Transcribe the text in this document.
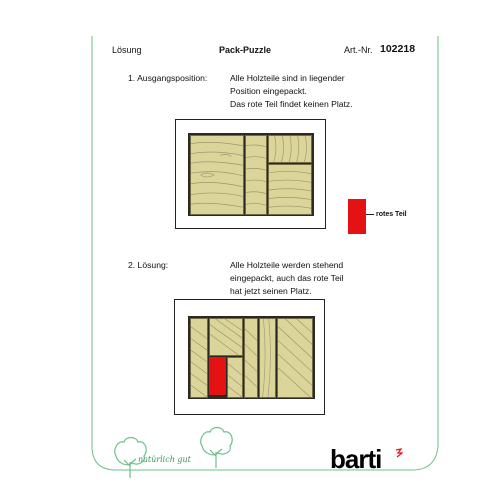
Lösung	Pack-Puzzle	Art.-Nr. 102218
1. Ausgangsposition:	Alle Holzteile sind in liegender
Position eingepackt.
Das rote Teil findet keinen Platz.
rotes Teil
2. Lösung:	Alle Holzteile werden stehend
eingepackt, auch das rote Teil
hat jetzt seinen Platz.
natürlich gut	barti
